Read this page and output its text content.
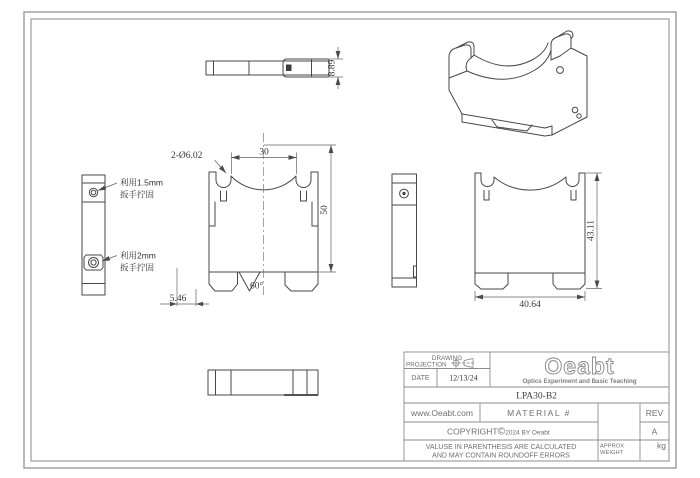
8.89
利用1.5mm
扳手拧固
利用2mm
扳手拧固
30
2-Ø6.02
50
60°
5.46
43.11
40.64
DRAWING
PROJECTION
DATE 12/13/24	Oeabt
Optics Experiment and Basic Teaching
LPA30-B2
www.Oeabt.com	MATERIAL #	REV
COPYRIGHT©2024 BY Oeabt	A
VALUSE IN PARENTHESIS ARE CALCULATED
AND MAY CONTAIN ROUNDOFF ERRORS
APPROX
WEIGHT
kg
